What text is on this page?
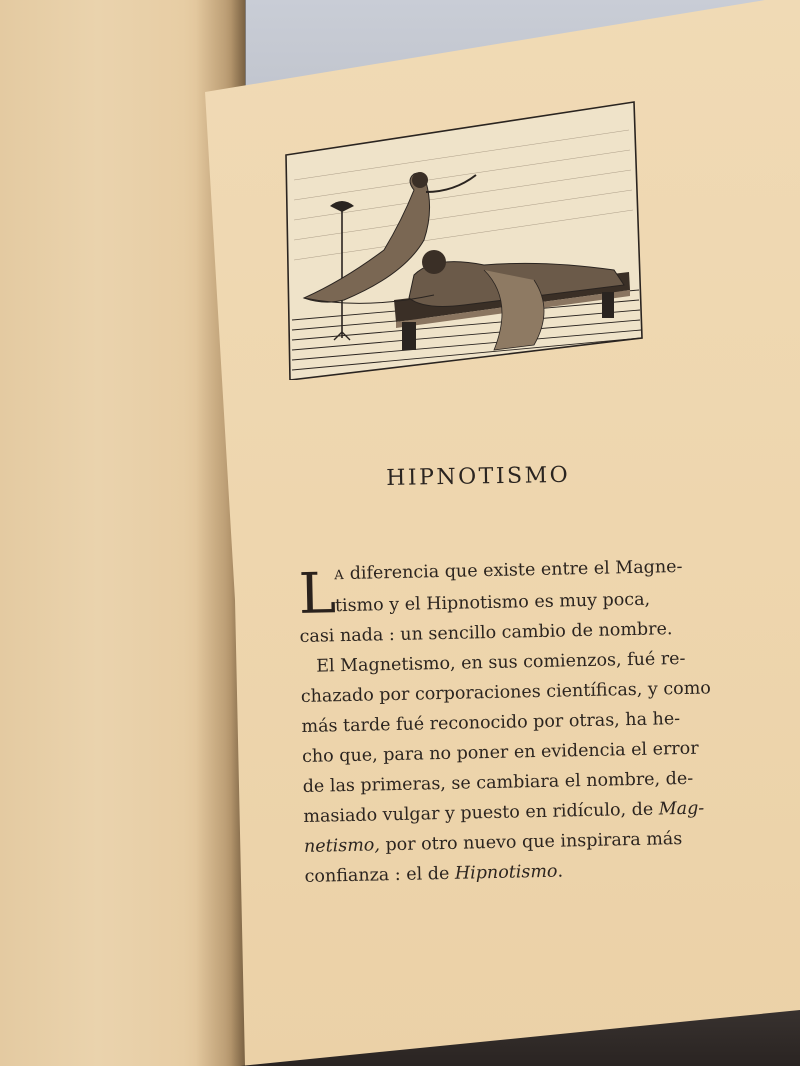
HIPNOTISMO
L
A diferencia que existe entre el Magne-
tismo y el Hipnotismo es muy poca,
casi nada : un sencillo cambio de nombre.
El Magnetismo, en sus comienzos, fué re-
chazado por corporaciones científicas, y como
más tarde fué reconocido por otras, ha he-
cho que, para no poner en evidencia el error
de las primeras, se cambiara el nombre, de-
masiado vulgar y puesto en ridículo, de Mag-
netismo, por otro nuevo que inspirara más
confianza : el de Hipnotismo.
